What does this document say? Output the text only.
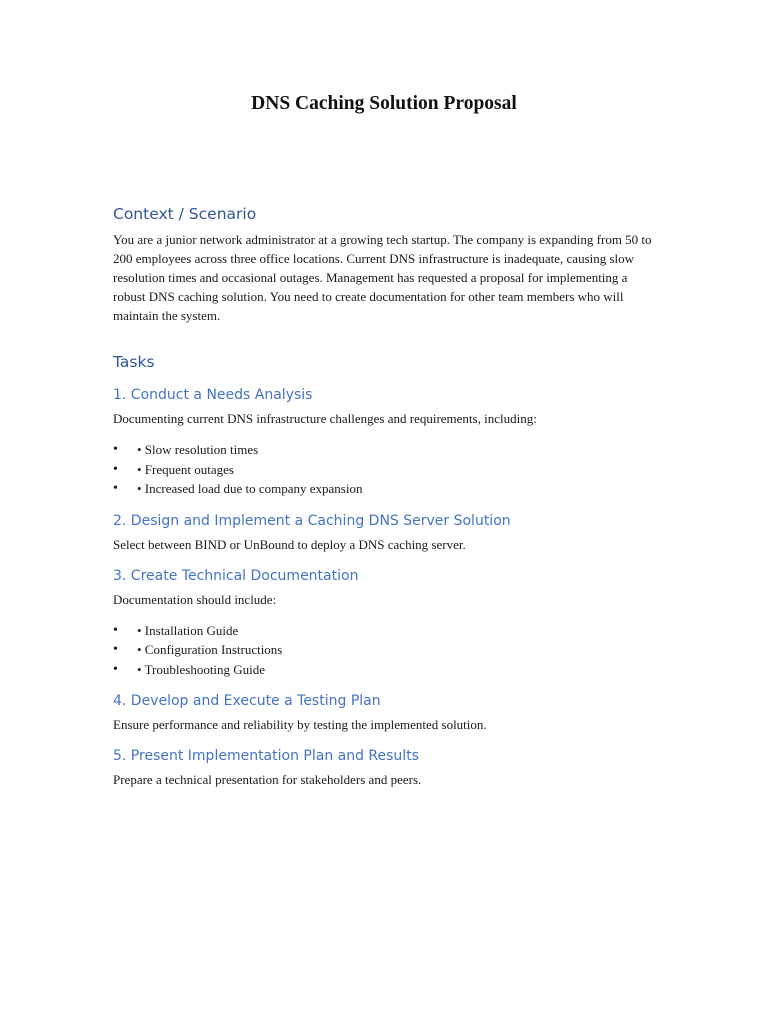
DNS Caching Solution Proposal
Context / Scenario

You are a junior network administrator at a growing tech startup. The company is expanding from 50 to 200 employees across three office locations. Current DNS infrastructure is inadequate, causing slow resolution times and occasional outages. Management has requested a proposal for implementing a robust DNS caching solution. You need to create documentation for other team members who will maintain the system.

Tasks
1. Conduct a Needs Analysis

Documenting current DNS infrastructure challenges and requirements, including:

• • Slow resolution times
• • Frequent outages
• • Increased load due to company expansion
2. Design and Implement a Caching DNS Server Solution

Select between BIND or UnBound to deploy a DNS caching server.

3. Create Technical Documentation

Documentation should include:

• • Installation Guide
• • Configuration Instructions
• • Troubleshooting Guide
4. Develop and Execute a Testing Plan

Ensure performance and reliability by testing the implemented solution.

5. Present Implementation Plan and Results

Prepare a technical presentation for stakeholders and peers.
